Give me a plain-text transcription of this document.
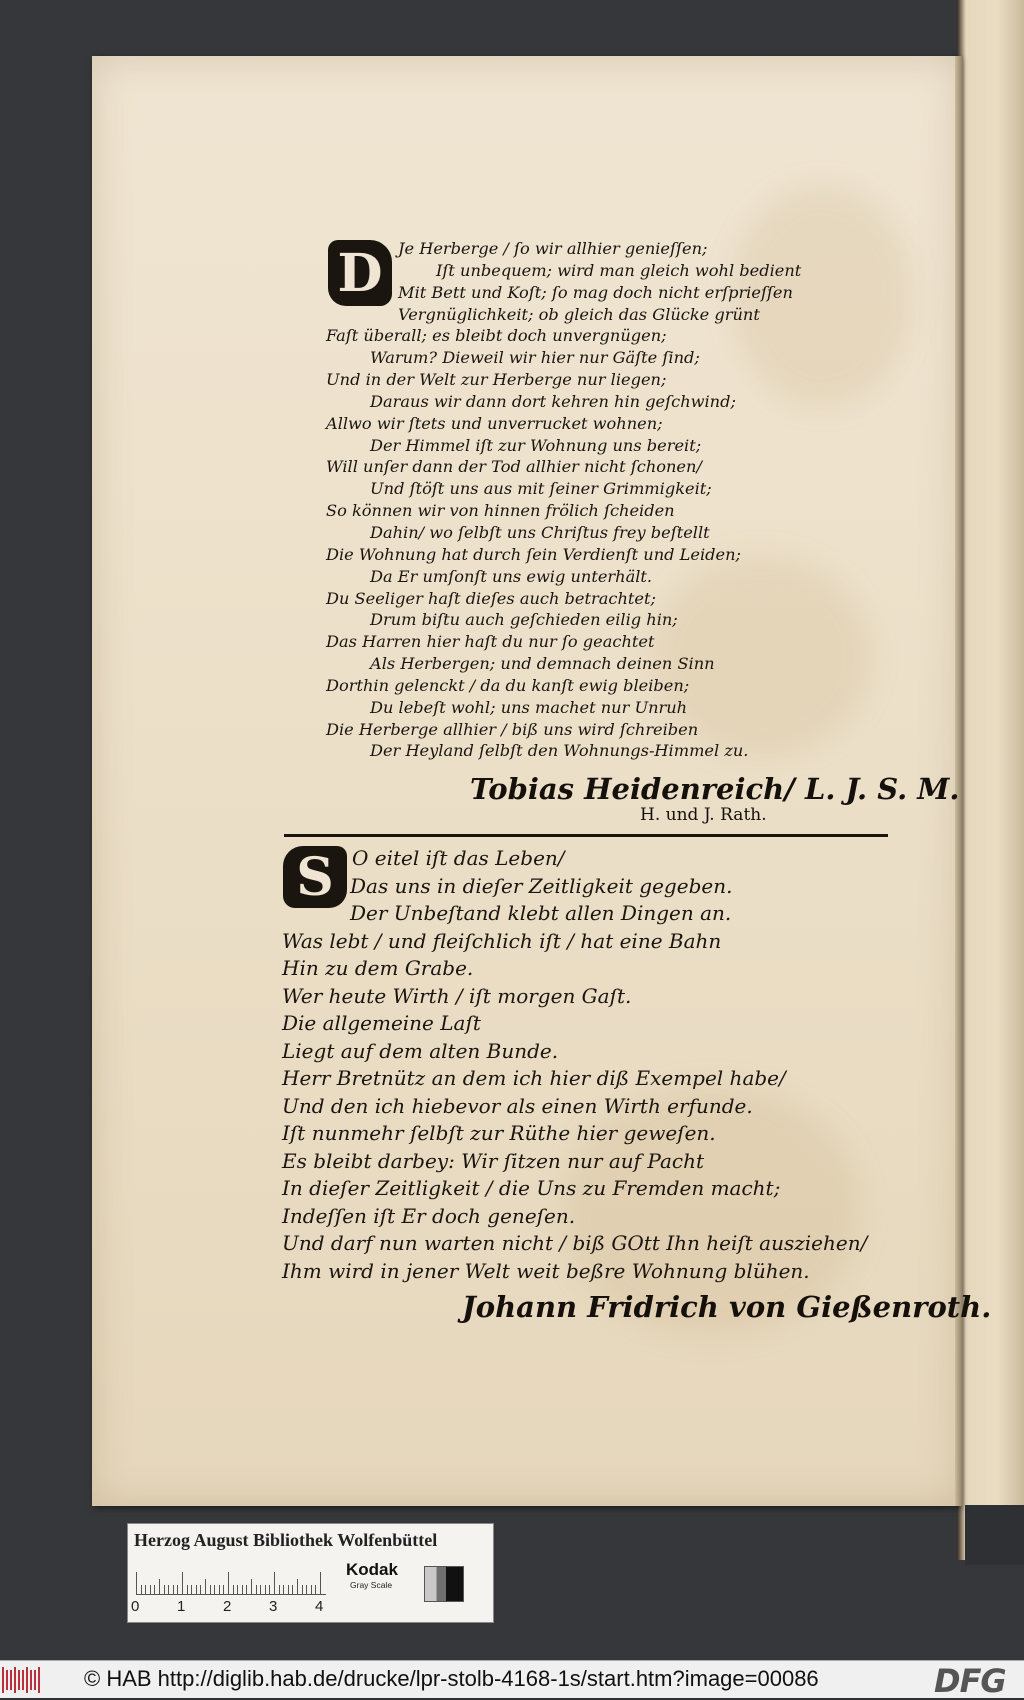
D Je Herberge / ſo wir allhier genieſſen;
Iſt unbequem; wird man gleich wohl bedient
Mit Bett und Koſt; ſo mag doch nicht erſprieſſen
Vergnüglichkeit; ob gleich das Glücke grünt
Faſt überall; es bleibt doch unvergnügen;
Warum? Dieweil wir hier nur Gäſte ſind;
Und in der Welt zur Herberge nur liegen;
Daraus wir dann dort kehren hin geſchwind;
Allwo wir ſtets und unverrucket wohnen;
Der Himmel iſt zur Wohnung uns bereit;
Will unſer dann der Tod allhier nicht ſchonen/
Und ſtöſt uns aus mit ſeiner Grimmigkeit;
So können wir von hinnen frölich ſcheiden
Dahin/ wo ſelbſt uns Chriſtus frey beſtellt
Die Wohnung hat durch ſein Verdienſt und Leiden;
Da Er umſonſt uns ewig unterhält.
Du Seeliger haſt dieſes auch betrachtet;
Drum biſtu auch geſchieden eilig hin;
Das Harren hier haſt du nur ſo geachtet
Als Herbergen; und demnach deinen Sinn
Dorthin gelenckt / da du kanſt ewig bleiben;
Du lebeſt wohl; uns machet nur Unruh
Die Herberge allhier / biß uns wird ſchreiben
Der Heyland ſelbſt den Wohnungs-Himmel zu.
Tobias Heidenreich/ L. J. S. M.
H. und J. Rath.
S O eitel iſt das Leben/
Das uns in dieſer Zeitligkeit gegeben.
Der Unbeſtand klebt allen Dingen an.
Was lebt / und fleiſchlich iſt / hat eine Bahn
Hin zu dem Grabe.
Wer heute Wirth / iſt morgen Gaſt.
Die allgemeine Laſt
Liegt auf dem alten Bunde.
Herr Bretnütz an dem ich hier diß Exempel habe/
Und den ich hiebevor als einen Wirth erfunde.
Iſt nunmehr ſelbſt zur Rüthe hier geweſen.
Es bleibt darbey: Wir ſitzen nur auf Pacht
In dieſer Zeitligkeit / die Uns zu Fremden macht;
Indeſſen iſt Er doch geneſen.
Und darf nun warten nicht / biß GOtt Ihn heiſt ausziehen/
Ihm wird in jener Welt weit beßre Wohnung blühen.
Johann Fridrich von Gießenroth.
Herzog August Bibliothek Wolfenbüttel
0	1	2	3	4
Kodak
Gray Scale
© HAB http://diglib.hab.de/drucke/lpr-stolb-4168-1s/start.htm?image=00086	DFG
